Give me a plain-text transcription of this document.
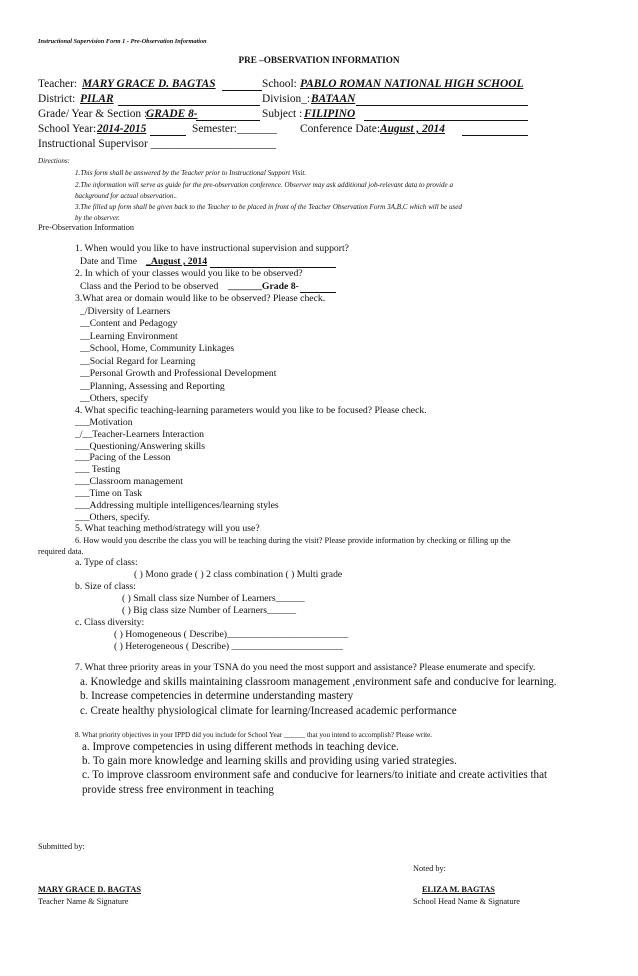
Instructional Supervision Form 1 - Pre-Observation Information
PRE –OBSERVATION INFORMATION
Teacher: MARY GRACE D. BAGTAS	School: PABLO ROMAN NATIONAL HIGH SCHOOL
District: PILAR	Division_: BATAAN
Grade/ Year & Section :
GRADE 8-	Subject : FILIPINO
School Year: 2014-2015	Semester:_______ Conference Date: August , 2014
Instructional Supervisor ______________________
Directions:
1.This form shall be answered by the Teacher prior to Instructional Support Visit.
2.The information will serve as guide for the pre-observation conference. Observer may ask additional job-relevant data to provide a
background for actual observation..
3.The filled up form shall be given back to the Teacher to be placed in front of the Teacher Observation Form 3A,B,C which will be used
by the observer.
Pre-Observation Information
1. When would you like to have instructional supervision and support?
Date and Time _August , 2014
2. In which of your classes would you like to be observed?
Class and the Period to be observed _______Grade 8-
3.What area or domain would like to be observed? Please check.
_/Diversity of Learners
__Content and Pedagogy
__Learning Environment
__School, Home, Community Linkages
__Social Regard for Learning
__Personal Growth and Professional Development
__Planning, Assessing and Reporting
__Others, specify
4. What specific teaching-learning parameters would you like to be focused? Please check.
___Motivation
_/__Teacher-Learners Interaction
___Questioning/Answering skills
___Pacing of the Lesson
___ Testing
___Classroom management
___Time on Task
___Addressing multiple intelligences/learning styles
___Others, specify.
5. What teaching method/strategy will you use?
6. How would you describe the class you will be teaching during the visit? Please provide information by checking or filling up the
required data.
a. Type of class:
( ) Mono grade ( ) 2 class combination ( ) Multi grade
b. Size of class:
( ) Small class size Number of Learners______
( ) Big class size Number of Learners______
c. Class diversity:
( ) Homogeneous ( Describe)_________________________
( ) Heterogeneous ( Describe) _______________________
7. What three priority areas in your TSNA do you need the most support and assistance? Please enumerate and specify.
a. Knowledge and skills maintaining classroom management ,environment safe and conducive for learning.
b. Increase competencies in determine understanding mastery
c. Create healthy physiological climate for learning/Increased academic performance
8. What priority objectives in your IPPD did you include for School Year ______ that you intend to accomplish? Please write.
a. Improve competencies in using different methods in teaching device.
b. To gain more knowledge and learning skills and providing using varied strategies.
c. To improve classroom environment safe and conducive for learners/to initiate and create activities that
provide stress free environment in teaching
Submitted by:
Noted by:
MARY GRACE D. BAGTAS	ELIZA M. BAGTAS
Teacher Name & Signature	School Head Name & Signature
